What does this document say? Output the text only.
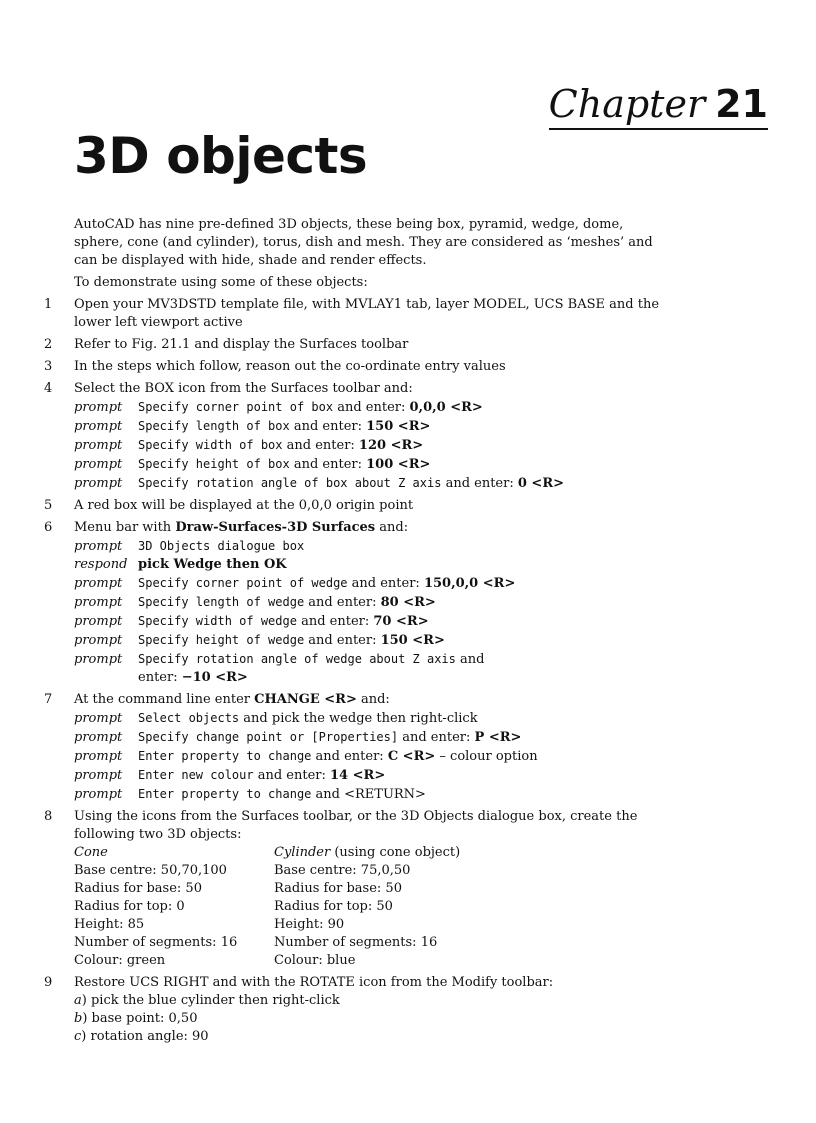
Chapter 21
3D objects

AutoCAD has nine pre-defined 3D objects, these being box, pyramid, wedge, dome, sphere, cone (and cylinder), torus, dish and mesh. They are considered as ‘meshes’ and can be displayed with hide, shade and render effects.

To demonstrate using some of these objects:

1 Open your MV3DSTD template file, with MVLAY1 tab, layer MODEL, UCS BASE and the lower left viewport active
2 Refer to Fig. 21.1 and display the Surfaces toolbar
3 In the steps which follow, reason out the co-ordinate entry values
4 Select the BOX icon from the Surfaces toolbar and:
prompt Specify corner point of box and enter: 0,0,0 <R>
prompt Specify length of box and enter: 150 <R>
prompt Specify width of box and enter: 120 <R>
prompt Specify height of box and enter: 100 <R>
prompt Specify rotation angle of box about Z axis and enter: 0 <R>
5 A red box will be displayed at the 0,0,0 origin point
6 Menu bar with Draw-Surfaces-3D Surfaces and:
prompt 3D Objects dialogue box
respond pick Wedge then OK
prompt Specify corner point of wedge and enter: 150,0,0 <R>
prompt Specify length of wedge and enter: 80 <R>
prompt Specify width of wedge and enter: 70 <R>
prompt Specify height of wedge and enter: 150 <R>
prompt Specify rotation angle of wedge about Z axis and
enter: −10 <R>
7 At the command line enter CHANGE <R> and:
prompt Select objects and pick the wedge then right-click
prompt Specify change point or [Properties] and enter: P <R>
prompt Enter property to change and enter: C <R> – colour option
prompt Enter new colour and enter: 14 <R>
prompt Enter property to change and <RETURN>
8 Using the icons from the Surfaces toolbar, or the 3D Objects dialogue box, create the following two 3D objects:
Cone
Base centre: 50,70,100
Radius for base: 50
Radius for top: 0
Height: 85
Number of segments: 16
Colour: green
Cylinder (using cone object)
Base centre: 75,0,50
Radius for base: 50
Radius for top: 50
Height: 90
Number of segments: 16
Colour: blue
9 Restore UCS RIGHT and with the ROTATE icon from the Modify toolbar:
a) pick the blue cylinder then right-click
b) base point: 0,50
c) rotation angle: 90
